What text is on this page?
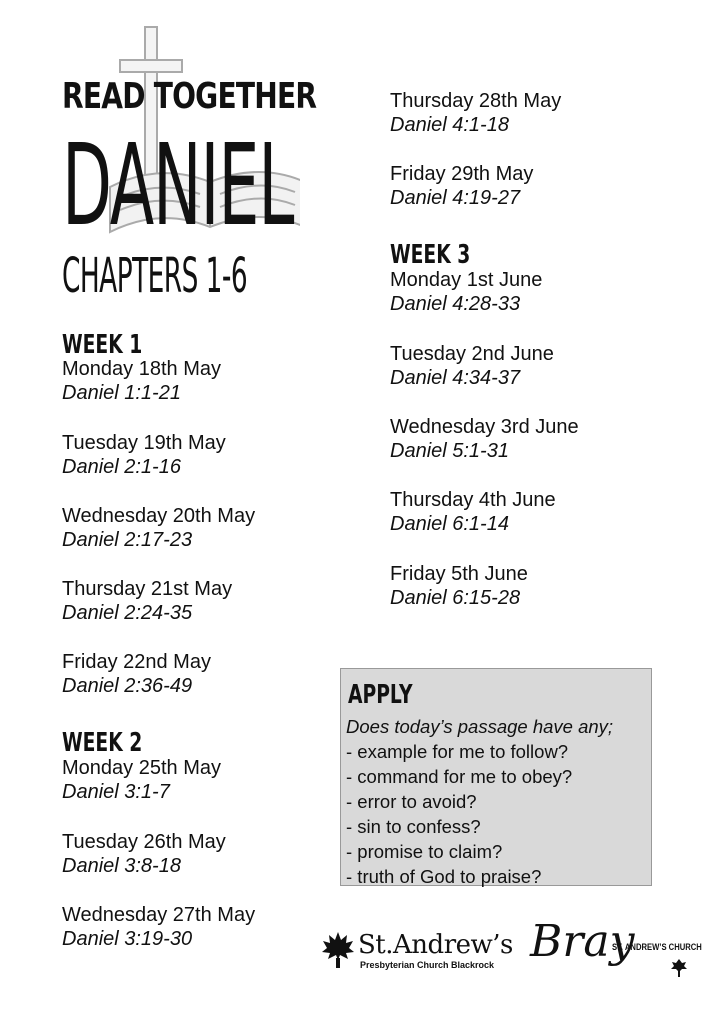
READ TOGETHER
DANIEL
CHAPTERS 1-6
WEEK 1
Monday 18th May
Daniel 1:1-21
Tuesday 19th May
Daniel 2:1-16
Wednesday 20th May
Daniel 2:17-23
Thursday 21st May
Daniel 2:24-35
Friday 22nd May
Daniel 2:36-49
WEEK 2
Monday 25th May
Daniel 3:1-7
Tuesday 26th May
Daniel 3:8-18
Wednesday 27th May
Daniel 3:19-30
Thursday 28th May
Daniel 4:1-18
Friday 29th May
Daniel 4:19-27
WEEK 3
Monday 1st June
Daniel 4:28-33
Tuesday 2nd June
Daniel 4:34-37
Wednesday 3rd June
Daniel 5:1-31
Thursday 4th June
Daniel 6:1-14
Friday 5th June
Daniel 6:15-28
APPLY
Does today’s passage have any;
- example for me to follow?
- command for me to obey?
- error to avoid?
- sin to confess?
- promise to claim?
- truth of God to praise?
St.Andrew’s
Presbyterian Church Blackrock Bray
ST. ANDREW’S CHURCH
